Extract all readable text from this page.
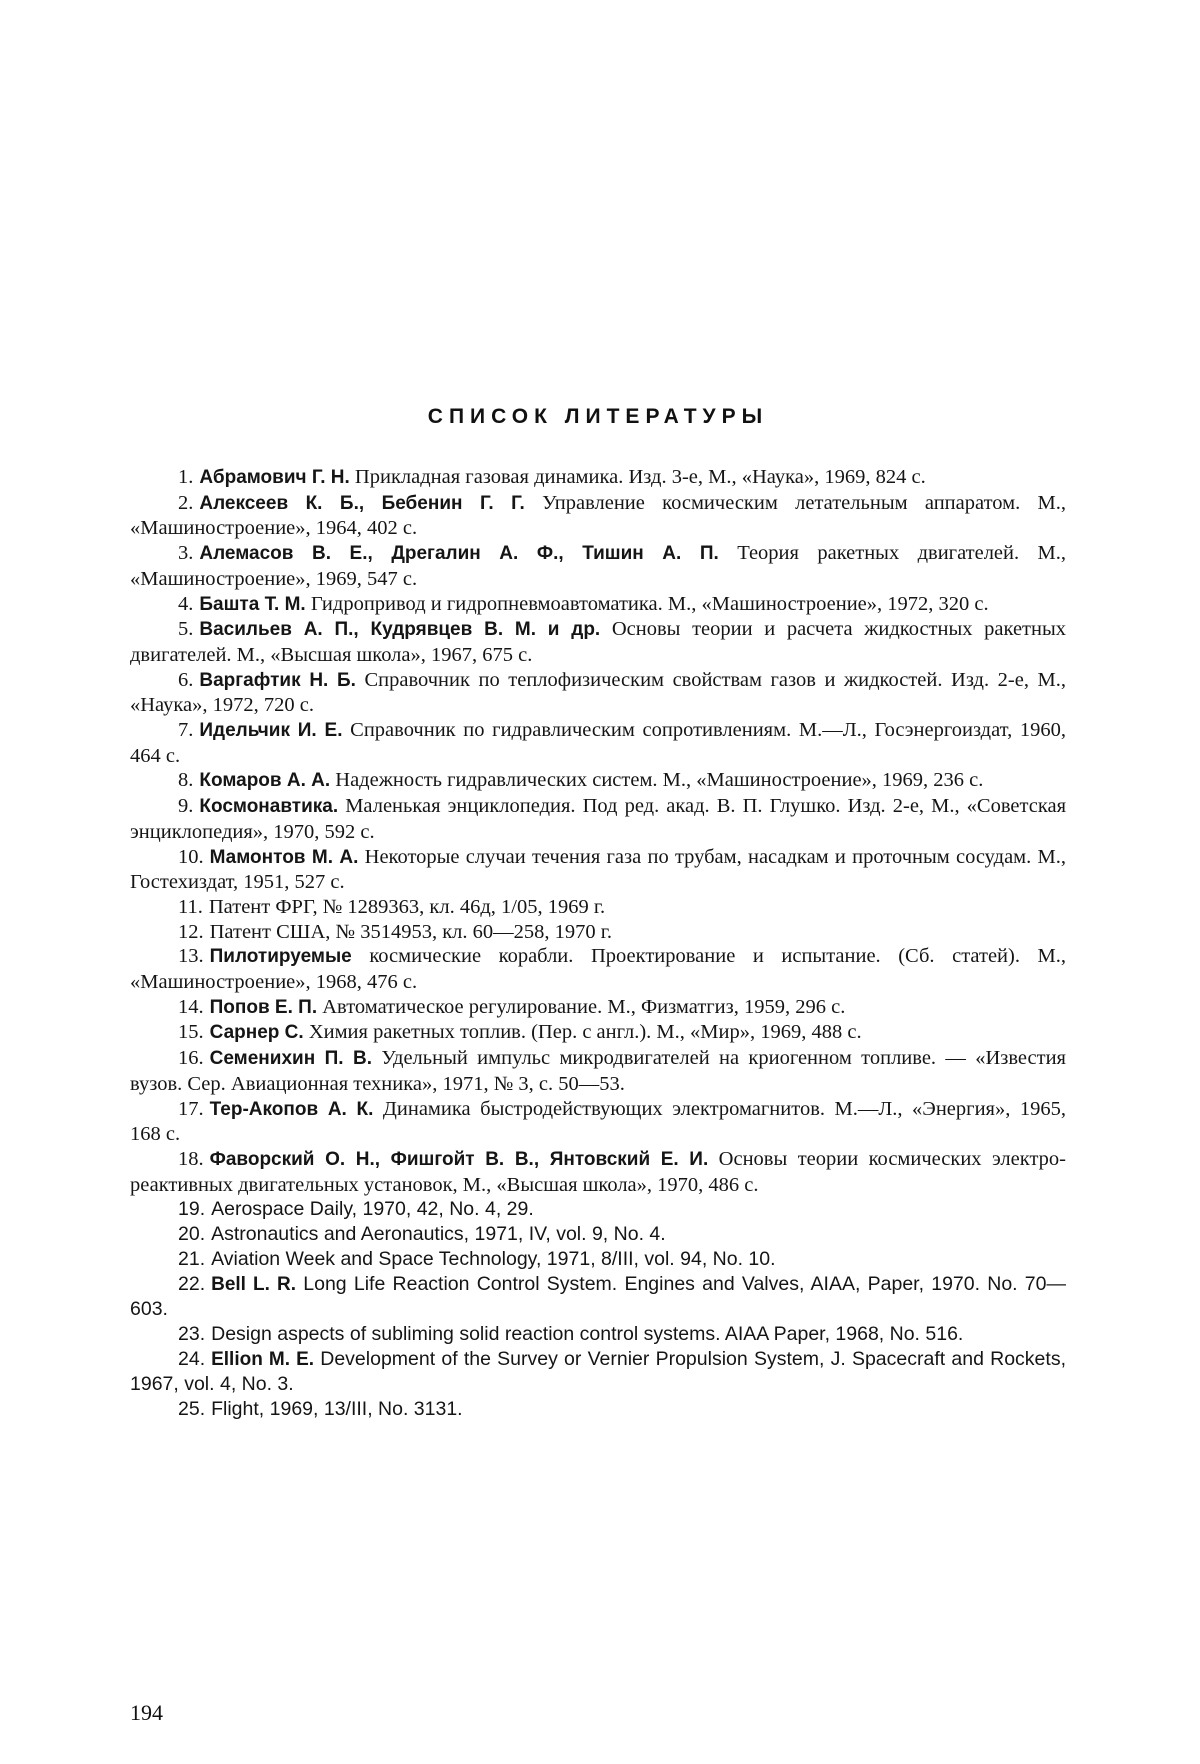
СПИСОК ЛИТЕРАТУРЫ
1. Абрамович Г. Н. Прикладная газовая динамика. Изд. 3-е, М., «Наука», 1969, 824 с.
2. Алексеев К. Б., Бебенин Г. Г. Управление космическим летательным аппаратом. М., «Машиностроение», 1964, 402 с.
3. Алемасов В. Е., Дрегалин А. Ф., Тишин А. П. Теория ракетных двигателей. М., «Машиностроение», 1969, 547 с.
4. Башта Т. М. Гидропривод и гидропневмоавтоматика. М., «Машиностроение», 1972, 320 с.
5. Васильев А. П., Кудрявцев В. М. и др. Основы теории и расчета жидкостных ракетных двигателей. М., «Высшая школа», 1967, 675 с.
6. Варгафтик Н. Б. Справочник по теплофизическим свойствам газов и жидкостей. Изд. 2-е, М., «Наука», 1972, 720 с.
7. Идельчик И. Е. Справочник по гидравлическим сопротивлениям. М.—Л., Госэнергоиздат, 1960, 464 с.
8. Комаров А. А. Надежность гидравлических систем. М., «Машиностроение», 1969, 236 с.
9. Космонавтика. Маленькая энциклопедия. Под ред. акад. В. П. Глушко. Изд. 2-е, М., «Советская энциклопедия», 1970, 592 с.
10. Мамонтов М. А. Некоторые случаи течения газа по трубам, насадкам и проточным сосудам. М., Гостехиздат, 1951, 527 с.
11. Патент ФРГ, № 1289363, кл. 46д, 1/05, 1969 г.
12. Патент США, № 3514953, кл. 60—258, 1970 г.
13. Пилотируемые космические корабли. Проектирование и испытание. (Сб. статей). М., «Машиностроение», 1968, 476 с.
14. Попов Е. П. Автоматическое регулирование. М., Физматгиз, 1959, 296 с.
15. Сарнер С. Химия ракетных топлив. (Пер. с англ.). М., «Мир», 1969, 488 с.
16. Семенихин П. В. Удельный импульс микродвигателей на криогенном топливе. — «Известия вузов. Сер. Авиационная техника», 1971, № 3, с. 50—53.
17. Тер-Акопов А. К. Динамика быстродействующих электромагнитов. М.—Л., «Энергия», 1965, 168 с.
18. Фаворский О. Н., Фишгойт В. В., Янтовский Е. И. Основы теории космических электро-реактивных двигательных установок, М., «Высшая школа», 1970, 486 с.
19. Aerospace Daily, 1970, 42, No. 4, 29.
20. Astronautics and Aeronautics, 1971, IV, vol. 9, No. 4.
21. Aviation Week and Space Technology, 1971, 8/III, vol. 94, No. 10.
22. Bell L. R. Long Life Reaction Control System. Engines and Valves, AIAA, Paper, 1970. No. 70—603.
23. Design aspects of subliming solid reaction control systems. AIAA Paper, 1968, No. 516.
24. Ellion M. E. Development of the Survey or Vernier Propulsion System, J. Spacecraft and Rockets, 1967, vol. 4, No. 3.
25. Flight, 1969, 13/III, No. 3131.
194
